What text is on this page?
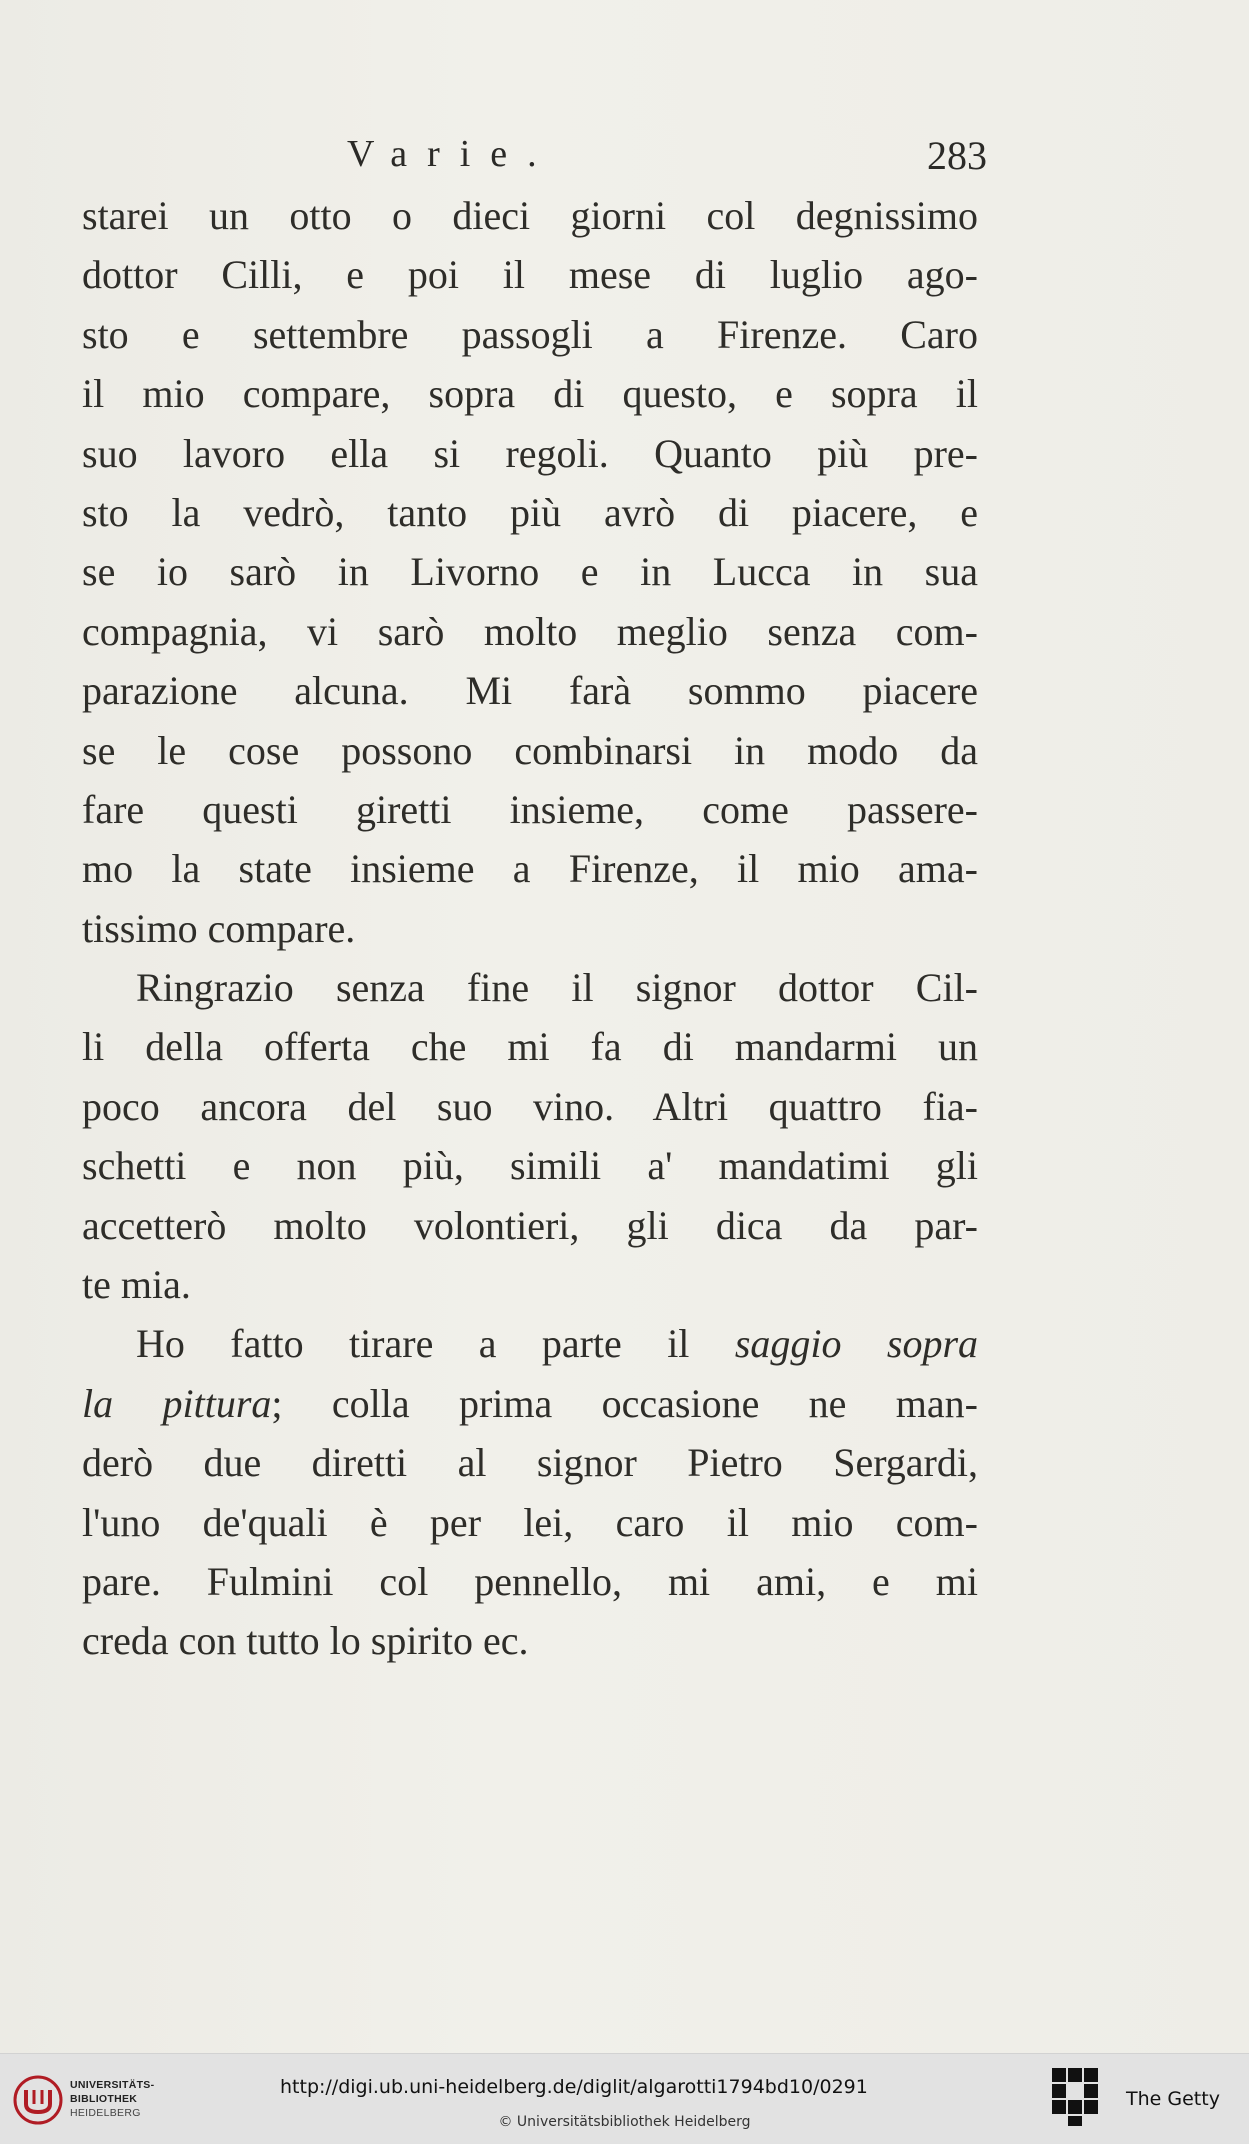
Varie.	283
starei un otto o dieci giorni col degnissimo
dottor Cilli, e poi il mese di luglio ago-
sto e settembre passogli a Firenze. Caro
il mio compare, sopra di questo, e sopra il
suo lavoro ella si regoli. Quanto più pre-
sto la vedrò, tanto più avrò di piacere, e
se io sarò in Livorno e in Lucca in sua
compagnia, vi sarò molto meglio senza com-
parazione alcuna. Mi farà sommo piacere
se le cose possono combinarsi in modo da
fare questi giretti insieme, come passere-
mo la state insieme a Firenze, il mio ama-
tissimo compare.
Ringrazio senza fine il signor dottor Cil-
li della offerta che mi fa di mandarmi un
poco ancora del suo vino. Altri quattro fia-
schetti e non più, simili a' mandatimi gli
accetterò molto volontieri, gli dica da par-
te mia.
Ho fatto tirare a parte il saggio sopra
la pittura; colla prima occasione ne man-
derò due diretti al signor Pietro Sergardi,
l'uno de'quali è per lei, caro il mio com-
pare. Fulmini col pennello, mi ami, e mi
creda con tutto lo spirito ec.
UNIVERSITÄTS-
BIBLIOTHEK
HEIDELBERG
http://digi.ub.uni-heidelberg.de/diglit/algarotti1794bd10/0291
© Universitätsbibliothek Heidelberg
The Getty
